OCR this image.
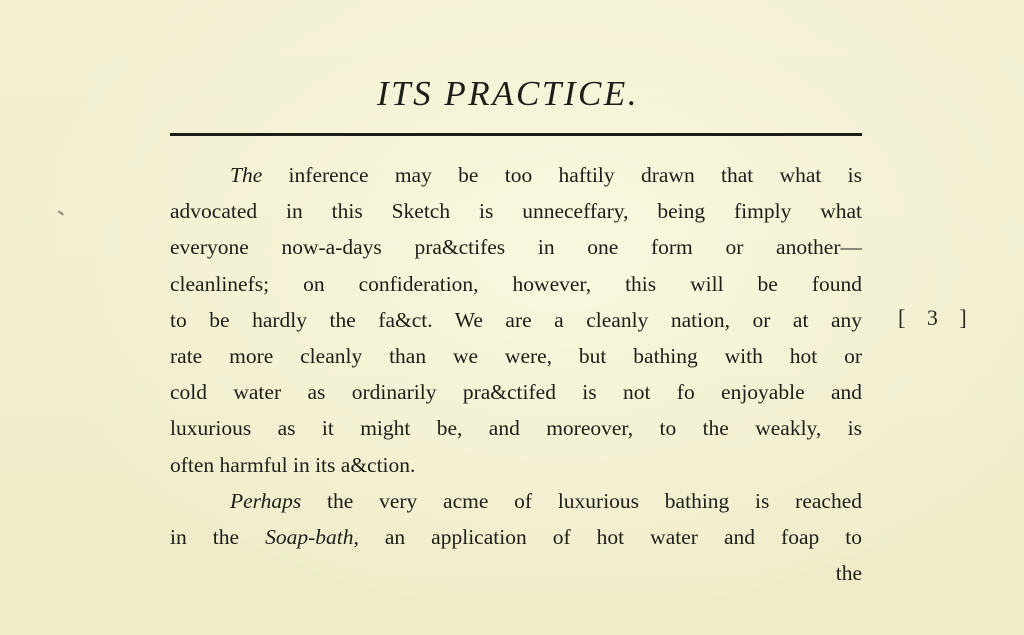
ITS PRACTICE.
The inference may be too haftily drawn that what is
advocated in this Sketch is unneceffary, being fimply what
everyone now-a-days pra&ctifes in one form or another—
cleanlinefs; on confideration, however, this will be found
to be hardly the fa&ct. We are a cleanly nation, or at any
rate more cleanly than we were, but bathing with hot or
cold water as ordinarily pra&ctifed is not fo enjoyable and
luxurious as it might be, and moreover, to the weakly, is
often harmful in its a&ction.
Perhaps the very acme of luxurious bathing is reached
in the Soap-bath, an application of hot water and foap to
the
[ 3 ]
